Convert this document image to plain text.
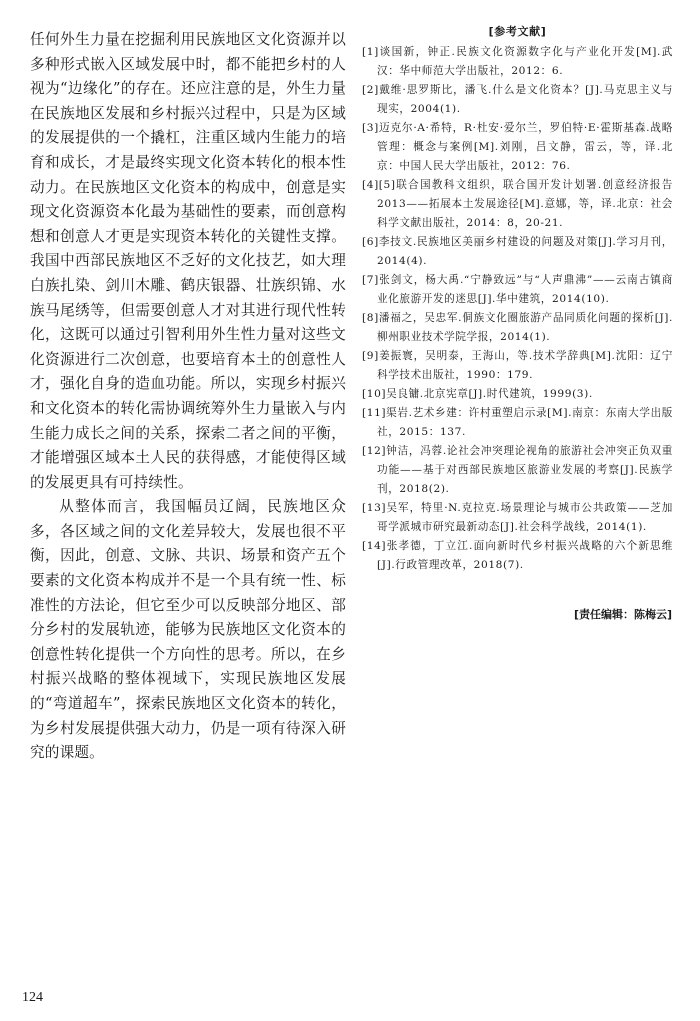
任何外生力量在挖掘利用民族地区文化资源并以多种形式嵌入区域发展中时，都不能把乡村的人视为“边缘化”的存在。还应注意的是，外生力量在民族地区发展和乡村振兴过程中，只是为区域的发展提供的一个撬杠，注重区域内生能力的培育和成长，才是最终实现文化资本转化的根本性动力。在民族地区文化资本的构成中，创意是实现文化资源资本化最为基础性的要素，而创意构想和创意人才更是实现资本转化的关键性支撑。我国中西部民族地区不乏好的文化技艺，如大理白族扎染、剑川木雕、鹤庆银器、壮族织锦、水族马尾绣等，但需要创意人才对其进行现代性转化，这既可以通过引智利用外生性力量对这些文化资源进行二次创意，也要培育本土的创意性人才，强化自身的造血功能。所以，实现乡村振兴和文化资本的转化需协调统筹外生力量嵌入与内生能力成长之间的关系，探索二者之间的平衡，才能增强区域本土人民的获得感，才能使得区域的发展更具有可持续性。

从整体而言，我国幅员辽阔，民族地区众多，各区域之间的文化差异较大，发展也很不平衡，因此，创意、文脉、共识、场景和资产五个要素的文化资本构成并不是一个具有统一性、标准性的方法论，但它至少可以反映部分地区、部分乡村的发展轨迹，能够为民族地区文化资本的创意性转化提供一个方向性的思考。所以，在乡村振兴战略的整体视域下，实现民族地区发展的“弯道超车”，探索民族地区文化资本的转化，为乡村发展提供强大动力，仍是一项有待深入研究的课题。

[参考文献]

[1]谈国新，钟正.民族文化资源数字化与产业化开发[M].武汉：华中师范大学出版社，2012：6.

[2]戴维·思罗斯比，潘飞.什么是文化资本？[J].马克思主义与现实，2004(1).

[3]迈克尔·A·希特，R·杜安·爱尔兰，罗伯特·E·霍斯基森.战略管理：概念与案例[M].刘刚，吕文静，雷云，等，译.北京：中国人民大学出版社，2012：76.

[4][5]联合国教科文组织，联合国开发计划署.创意经济报告2013——拓展本土发展途径[M].意娜，等，译.北京：社会科学文献出版社，2014：8，20-21.

[6]李技文.民族地区美丽乡村建设的问题及对策[J].学习月刊，2014(4).

[7]张剑文，杨大禹.“宁静致远”与“人声鼎沸”——云南古镇商业化旅游开发的迷思[J].华中建筑，2014(10).

[8]潘福之，吴忠军.侗族文化圈旅游产品同质化问题的探析[J].柳州职业技术学院学报，2014(1).

[9]姜振寰，吴明泰，王海山，等.技术学辞典[M].沈阳：辽宁科学技术出版社，1990：179.

[10]吴良镛.北京宪章[J].时代建筑，1999(3).

[11]渠岩.艺术乡建：许村重塑启示录[M].南京：东南大学出版社，2015：137.

[12]钟洁，冯蓉.论社会冲突理论视角的旅游社会冲突正负双重功能——基于对西部民族地区旅游业发展的考察[J].民族学刊，2018(2).

[13]吴军，特里·N.克拉克.场景理论与城市公共政策——芝加哥学派城市研究最新动态[J].社会科学战线，2014(1).

[14]张孝德，丁立江.面向新时代乡村振兴战略的六个新思维[J].行政管理改革，2018(7).

[责任编辑：陈梅云]
124
